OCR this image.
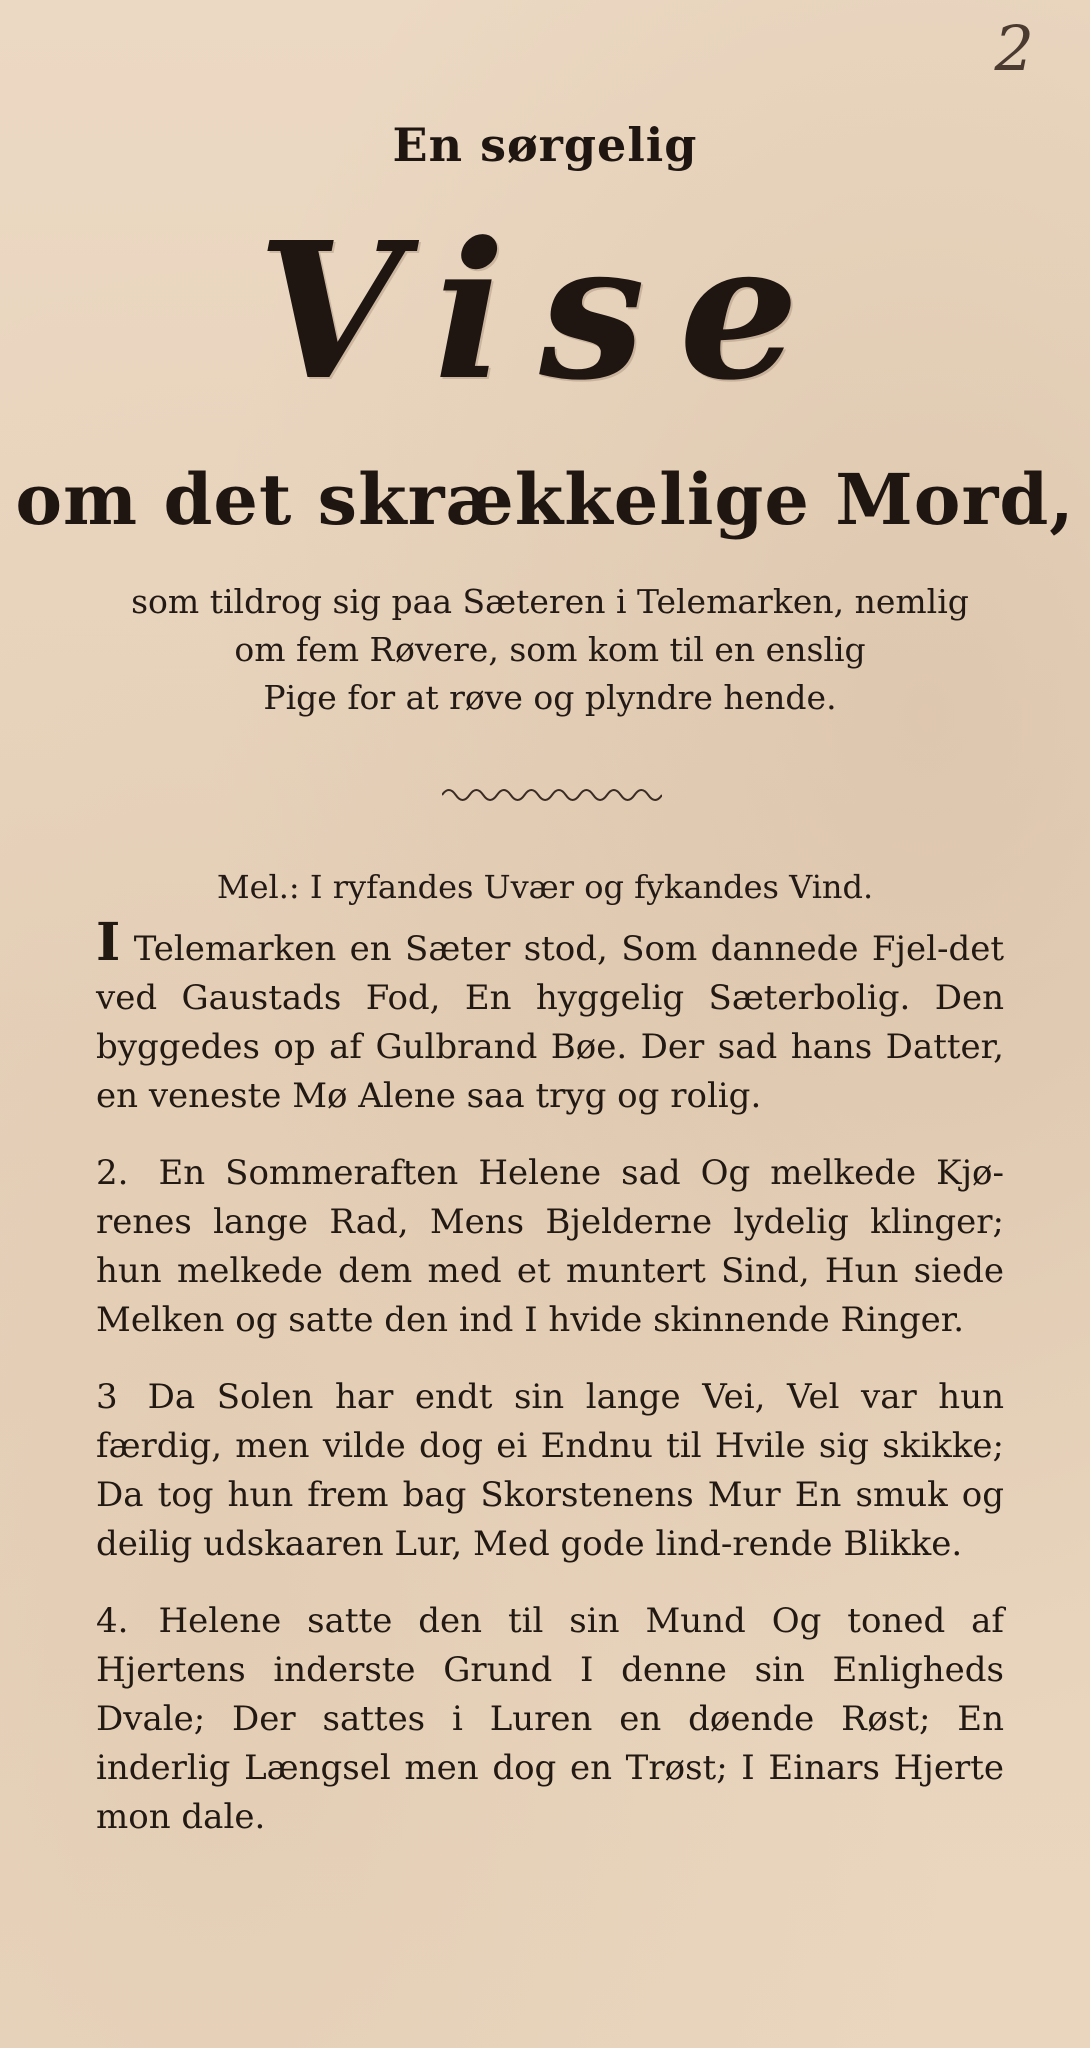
2
En sørgelig
Vise
om det skrækkelige Mord,
som tildrog sig paa Sæteren i Telemarken, nemlig
om fem Røvere, som kom til en enslig
Pige for at røve og plyndre hende.
Mel.: I ryfandes Uvær og fykandes Vind.

I Telemarken en Sæter stod, Som dannede Fjel-det ved Gaustads Fod, En hyggelig Sæterbolig. Den byggedes op af Gulbrand Bøe. Der sad hans Datter, en veneste Mø Alene saa tryg og rolig.

2. En Sommeraften Helene sad Og melkede Kjø-renes lange Rad, Mens Bjelderne lydelig klinger; hun melkede dem med et muntert Sind, Hun siede Melken og satte den ind I hvide skinnende Ringer.

3 Da Solen har endt sin lange Vei, Vel var hun færdig, men vilde dog ei Endnu til Hvile sig skikke; Da tog hun frem bag Skorstenens Mur En smuk og deilig udskaaren Lur, Med gode lind-rende Blikke.

4. Helene satte den til sin Mund Og toned af Hjertens inderste Grund I denne sin Enligheds Dvale; Der sattes i Luren en døende Røst; En inderlig Længsel men dog en Trøst; I Einars Hjerte mon dale.
